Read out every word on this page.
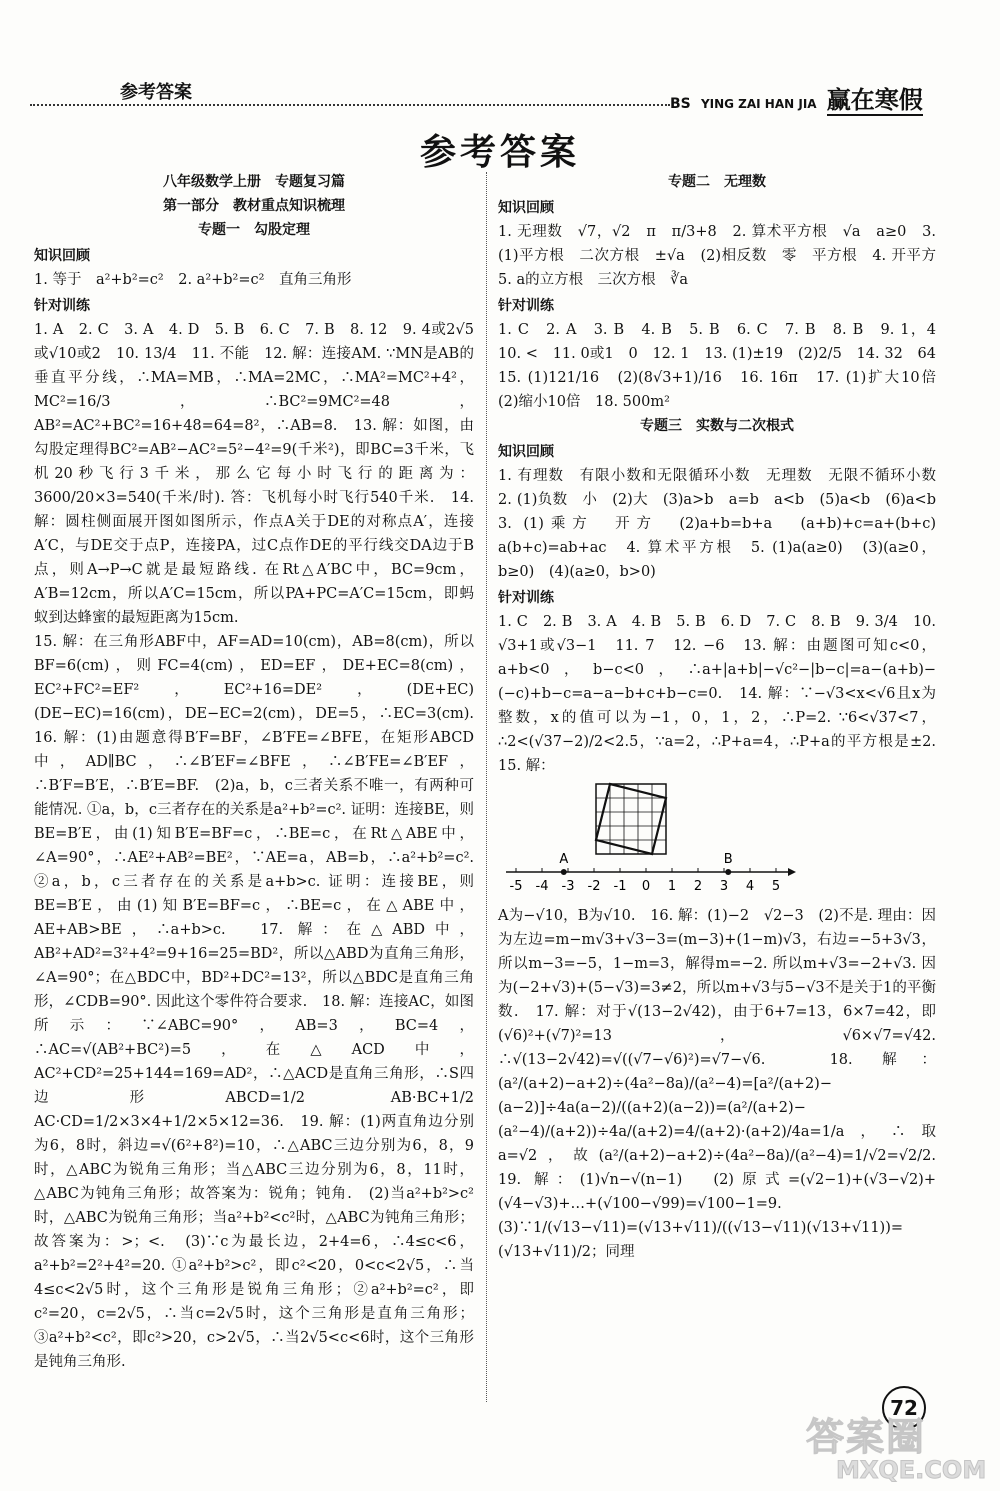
参考答案
BS YING ZAI HAN JIA 赢在寒假
参考答案
八年级数学上册　专题复习篇
第一部分　教材重点知识梳理
专题一　勾股定理
知识回顾

1. 等于　a²+b²=c²　2. a²+b²=c²　直角三角形

针对训练

1. A　2. C　3. A　4. D　5. B　6. C　7. B　8. 12　9. 4或2√5 或√10或2　10. 13/4　11. 不能　12. 解：连接AM. ∵MN是AB的垂直平分线，∴MA=MB，∴MA=2MC，∴MA²=MC²+4²，MC²=16/3，∴BC²=9MC²=48，AB²=AC²+BC²=16+48=64=8²，∴AB=8.　13. 解：如图，由勾股定理得BC²=AB²−AC²=5²−4²=9(千米²)，即BC=3千米，飞机20秒飞行3千米，那么它每小时飞行的距离为：3600/20×3=540(千米/时). 答：飞机每小时飞行540千米.　14. 解：圆柱侧面展开图如图所示，作点A关于DE的对称点A′，连接A′C，与DE交于点P，连接PA，过C点作DE的平行线交DA边于B点，则A→P→C就是最短路线. 在Rt△A′BC中，BC=9cm，A′B=12cm，所以A′C=15cm，所以PA+PC=A′C=15cm，即蚂蚁到达蜂蜜的最短距离为15cm.

15. 解：在三角形ABF中，AF=AD=10(cm)，AB=8(cm)，所以BF=6(cm)，则FC=4(cm)，ED=EF，DE+EC=8(cm)，EC²+FC²=EF²，EC²+16=DE²，(DE+EC)(DE−EC)=16(cm)，DE−EC=2(cm)，DE=5，∴EC=3(cm).　16. 解：(1)由题意得B′F=BF，∠B′FE=∠BFE，在矩形ABCD中，AD∥BC，∴∠B′EF=∠BFE，∴∠B′FE=∠B′EF，∴B′F=B′E，∴B′E=BF.　(2)a，b，c三者关系不唯一，有两种可能情况. ①a，b，c三者存在的关系是a²+b²=c². 证明：连接BE，则BE=B′E，由(1)知B′E=BF=c，∴BE=c，在Rt△ABE中，∠A=90°，∴AE²+AB²=BE²，∵AE=a，AB=b，∴a²+b²=c². ②a，b，c三者存在的关系是a+b>c. 证明：连接BE，则BE=B′E，由(1)知B′E=BF=c，∴BE=c，在△ABE中，AE+AB>BE，∴a+b>c.　17. 解：在△ABD中，AB²+AD²=3²+4²=9+16=25=BD²，所以△ABD为直角三角形，∠A=90°；在△BDC中，BD²+DC²=13²，所以△BDC是直角三角形，∠CDB=90°. 因此这个零件符合要求.　18. 解：连接AC，如图所示：∵∠ABC=90°，AB=3，BC=4，∴AC=√(AB²+BC²)=5，在△ACD中，AC²+CD²=25+144=169=AD²，∴△ACD是直角三角形，∴S四边形ABCD=1/2 AB·BC+1/2 AC·CD=1/2×3×4+1/2×5×12=36.　19. 解：(1)两直角边分别为6，8时，斜边=√(6²+8²)=10，∴△ABC三边分别为6，8，9时，△ABC为锐角三角形；当△ABC三边分别为6，8，11时，△ABC为钝角三角形；故答案为：锐角；钝角.　(2)当a²+b²>c²时，△ABC为锐角三角形；当a²+b²<c²时，△ABC为钝角三角形；故答案为：>；<.　(3)∵c为最长边，2+4=6，∴4≤c<6，a²+b²=2²+4²=20. ①a²+b²>c²，即c²<20，0<c<2√5，∴当4≤c<2√5时，这个三角形是锐角三角形；②a²+b²=c²，即c²=20，c=2√5，∴当c=2√5时，这个三角形是直角三角形；③a²+b²<c²，即c²>20，c>2√5，∴当2√5<c<6时，这个三角形是钝角三角形.

专题二　无理数
知识回顾

1. 无理数　√7，√2　π　π/3+8　2. 算术平方根　√a　a≥0　3. (1)平方根　二次方根　±√a　(2)相反数　零　平方根　4. 开平方　5. a的立方根　三次方根　∛a

针对训练

1. C　2. A　3. B　4. B　5. B　6. C　7. B　8. B　9. 1，4　10. <　11. 0或1　0　12. 1　13. (1)±19　(2)2/5　14. 32　64　15. (1)121/16　(2)(8√3+1)/16　16. 16π　17. (1)扩大10倍　(2)缩小10倍　18. 500m²

专题三　实数与二次根式
知识回顾

1. 有理数　有限小数和无限循环小数　无理数　无限不循环小数　2. (1)负数　小　(2)大　(3)a>b　a=b　a<b　(5)a<b　(6)a<b　3. (1)乘方　开方　(2)a+b=b+a　(a+b)+c=a+(b+c)　a(b+c)=ab+ac　4. 算术平方根　5. (1)a(a≥0)　(3)(a≥0，b≥0)　(4)(a≥0，b>0)

针对训练

1. C　2. B　3. A　4. B　5. B　6. D　7. C　8. B　9. 3/4　10. √3+1或√3−1　11. 7　12. −6　13. 解：由题图可知c<0，a+b<0，b−c<0，∴a+|a+b|−√c²−|b−c|=a−(a+b)−(−c)+b−c=a−a−b+c+b−c=0.　14. 解：∵−√3<x<√6且x为整数，x的值可以为−1，0，1，2，∴P=2. ∵6<√37<7，∴2<(√37−2)/2<2.5，∵a=2，∴P+a=4，∴P+a的平方根是±2.　15. 解：

-5 -4 -3 -2 -1 0 1 2 3 4 5
A	B

A为−√10，B为√10.　16. 解：(1)−2　√2−3　(2)不是. 理由：因为左边=m−m√3+√3−3=(m−3)+(1−m)√3，右边=−5+3√3，所以m−3=−5，1−m=3，解得m=−2. 所以m+√3=−2+√3. 因为(−2+√3)+(5−√3)=3≠2，所以m+√3与5−√3不是关于1的平衡数.　17. 解：对于√(13−2√42)，由于6+7=13，6×7=42，即(√6)²+(√7)²=13，√6×√7=√42. ∴√(13−2√42)=√((√7−√6)²)=√7−√6.　18. 解：(a²/(a+2)−a+2)÷(4a²−8a)/(a²−4)=[a²/(a+2)−(a−2)]÷4a(a−2)/((a+2)(a−2))=(a²/(a+2)−(a²−4)/(a+2))÷4a/(a+2)=4/(a+2)·(a+2)/4a=1/a，∴取a=√2，故(a²/(a+2)−a+2)÷(4a²−8a)/(a²−4)=1/√2=√2/2.　19. 解：(1)√n−√(n−1)　(2)原式=(√2−1)+(√3−√2)+(√4−√3)+…+(√100−√99)=√100−1=9.　(3)∵1/(√13−√11)=(√13+√11)/((√13−√11)(√13+√11))=(√13+√11)/2；同理

72
答案圈
MXQE.COM
